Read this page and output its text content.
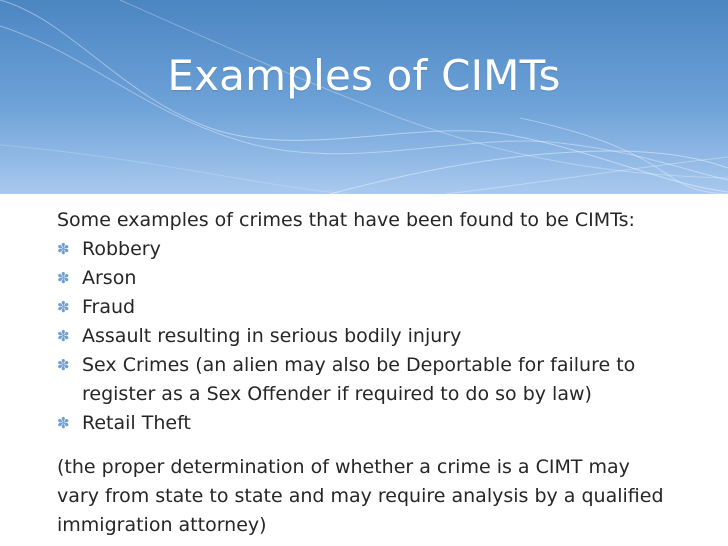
Examples of CIMTs
Some examples of crimes that have been found to be CIMTs:
✽ Robbery
✽ Arson
✽ Fraud
✽ Assault resulting in serious bodily injury
✽ Sex Crimes (an alien may also be Deportable for failure to register as a Sex Offender if required to do so by law)
✽ Retail Theft
(the proper determination of whether a crime is a CIMT may vary from state to state and may require analysis by a qualified immigration attorney)
